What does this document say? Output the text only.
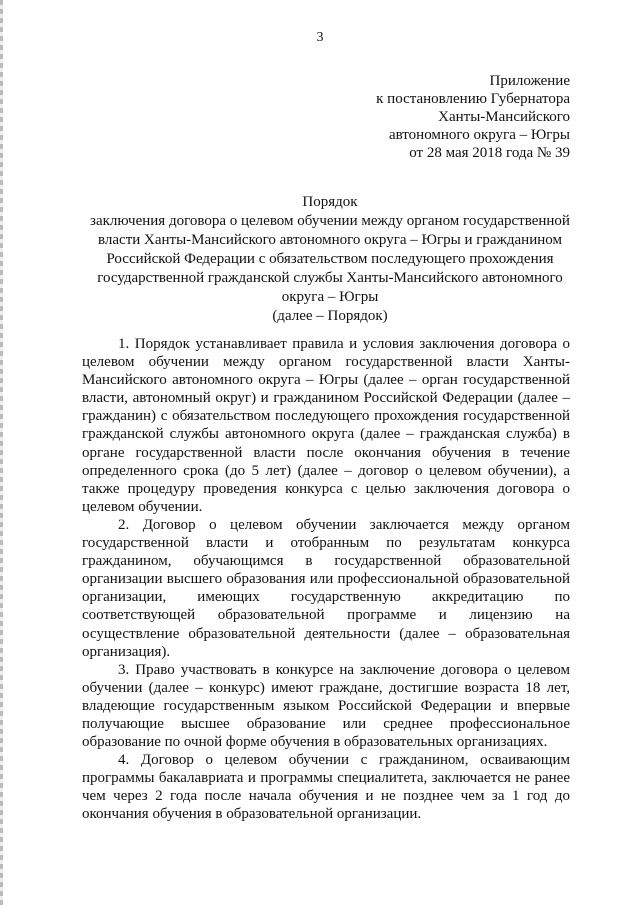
3
Приложение
к постановлению Губернатора
Ханты-Мансийского
автономного округа – Югры
от 28 мая 2018 года № 39
Порядок
заключения договора о целевом обучении между органом государственной
власти Ханты-Мансийского автономного округа – Югры и гражданином
Российской Федерации с обязательством последующего прохождения
государственной гражданской службы Ханты-Мансийского автономного
округа – Югры
(далее – Порядок)

1. Порядок устанавливает правила и условия заключения договора о целевом обучении между органом государственной власти Ханты-Мансийского автономного округа – Югры (далее – орган государственной власти, автономный округ) и гражданином Российской Федерации (далее – гражданин) с обязательством последующего прохождения государственной гражданской службы автономного округа (далее – гражданская служба) в органе государственной власти после окончания обучения в течение определенного срока (до 5 лет) (далее – договор о целевом обучении), а также процедуру проведения конкурса с целью заключения договора о целевом обучении.

2. Договор о целевом обучении заключается между органом государственной власти и отобранным по результатам конкурса гражданином, обучающимся в государственной образовательной организации высшего образования или профессиональной образовательной организации, имеющих государственную аккредитацию по соответствующей образовательной программе и лицензию на осуществление образовательной деятельности (далее – образовательная организация).

3. Право участвовать в конкурсе на заключение договора о целевом обучении (далее – конкурс) имеют граждане, достигшие возраста 18 лет, владеющие государственным языком Российской Федерации и впервые получающие высшее образование или среднее профессиональное образование по очной форме обучения в образовательных организациях.

4. Договор о целевом обучении с гражданином, осваивающим программы бакалавриата и программы специалитета, заключается не ранее чем через 2 года после начала обучения и не позднее чем за 1 год до окончания обучения в образовательной организации.
